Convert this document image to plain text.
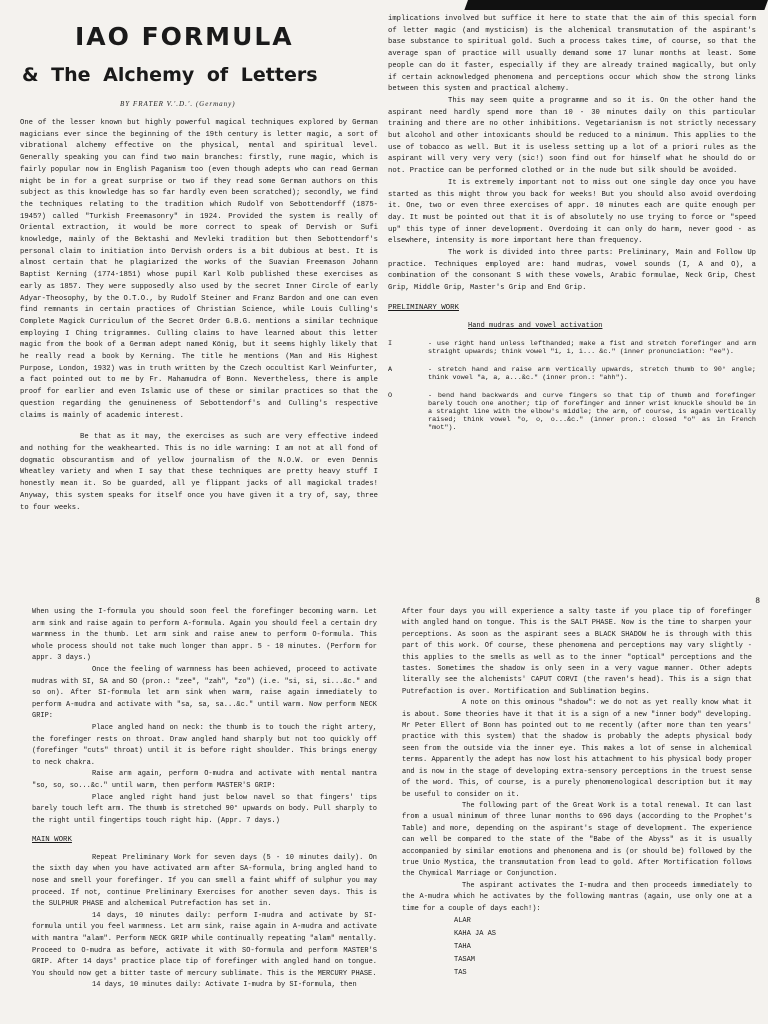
IAO FORMULA
& The Alchemy of Letters
BY FRATER V.'.D.'. (Germany)

One of the lesser known but highly powerful magical techniques explored by German magicians ever since the beginning of the 19th century is letter magic, a sort of vibrational alchemy effective on the physical, mental and spiritual level. Generally speaking you can find two main branches: firstly, rune magic, which is fairly popular now in English Paganism too (even though adepts who can read German might be in for a great surprise or two if they read some German authors on this subject as this knowledge has so far hardly even been scratched); secondly, we find the techniques relating to the tradition which Rudolf von Sebottendorff (1875-1945?) called "Turkish Freemasonry" in 1924. Provided the system is really of Oriental extraction, it would be more correct to speak of Dervish or Sufi knowledge, mainly of the Bektashi and Mevleki tradition but then Sebottendorf's personal claim to initiation into Dervish orders is a bit dubious at best. It is almost certain that he plagiarized the works of the Suavian Freemason Johann Baptist Kerning (1774-1851) whose pupil Karl Kolb published these exercises as early as 1857. They were supposedly also used by the secret Inner Circle of early Adyar-Theosophy, by the O.T.O., by Rudolf Steiner and Franz Bardon and one can even find remnants in certain practices of Christian Science, while Louis Culling's Complete Magick Curriculum of the Secret Order G.B.G. mentions a similar technique employing I Ching trigrammes. Culling claims to have learned about this letter magic from the book of a German adept named König, but it seems highly likely that he really read a book by Kerning. The title he mentions (Man and His Highest Purpose, London, 1932) was in truth written by the Czech occultist Karl Weinfurter, a fact pointed out to me by Fr. Mahamudra of Bonn. Nevertheless, there is ample proof for earlier and even Islamic use of these or similar practices so that the question regarding the genuineness of Sebottendorf's and Culling's respective claims is mainly of academic interest.

Be that as it may, the exercises as such are very effective indeed and nothing for the weakhearted. This is no idle warning: I am not at all fond of dogmatic obscurantism and of yellow journalism of the N.O.W. or even Dennis Wheatley variety and when I say that these techniques are pretty heavy stuff I honestly mean it. So be guarded, all ye flippant jacks of all magickal trades! Anyway, this system speaks for itself once you have given it a try of, say, three to four weeks.

implications involved but suffice it here to state that the aim of this special form of letter magic (and mysticism) is the alchemical transmutation of the aspirant's base substance to spiritual gold. Such a process takes time, of course, so that the average span of practice will usually demand some 17 lunar months at least. Some people can do it faster, especially if they are already trained magically, but only if certain acknowledged phenomena and perceptions occur which show the strong links between this system and practical alchemy.

This may seem quite a programme and so it is. On the other hand the aspirant need hardly spend more than 10 - 30 minutes daily on this particular training and there are no other inhibitions. Vegetarianism is not strictly necessary but alcohol and other intoxicants should be reduced to a minimum. This applies to the use of tobacco as well. But it is useless setting up a lot of a priori rules as the aspirant will very very very (sic!) soon find out for himself what he should do or not. Practice can be performed clothed or in the nude but silk should be avoided.

It is extremely important not to miss out one single day once you have started as this might throw you back for weeks! But you should also avoid overdoing it. One, two or even three exercises of appr. 10 minutes each are quite enough per day. It must be pointed out that it is of absolutely no use trying to force or "speed up" this type of inner development. Overdoing it can only do harm, never good - as elsewhere, intensity is more important here than frequency.

The work is divided into three parts: Preliminary, Main and Follow Up practice. Techniques employed are: hand mudras, vowel sounds (I, A and O), a combination of the consonant S with these vowels, Arabic formulae, Neck Grip, Chest Grip, Middle Grip, Master's Grip and End Grip.

PRELIMINARY WORK
Hand mudras and vowel activation
I	- use right hand unless lefthanded; make a fist and stretch forefinger and arm straight upwards; think vowel "i, i, i... &c." (inner pronunciation: "ee").
A	- stretch hand and raise arm vertically upwards, stretch thumb to 90° angle; think vowel "a, a, a...&c." (inner pron.: "ahh").
O	- bend hand backwards and curve fingers so that tip of thumb and forefinger barely touch one another; tip of forefinger and inner wrist knuckle should be in a straight line with the elbow's middle; the arm, of course, is again vertically raised; think vowel "o, o, o...&c." (inner pron.: closed "o" as in French "mot").
8

When using the I-formula you should soon feel the forefinger becoming warm. Let arm sink and raise again to perform A-formula. Again you should feel a certain dry warmness in the thumb. Let arm sink and raise anew to perform O-formula. This whole process should not take much longer than appr. 5 - 10 minutes. (Perform for appr. 3 days.)

Once the feeling of warmness has been achieved, proceed to activate mudras with SI, SA and SO (pron.: "zee", "zah", "zo") (i.e. "si, si, si...&c." and so on). After SI-formula let arm sink when warm, raise again immediately to perform A-mudra and activate with "sa, sa, sa...&c." until warm. Now perform NECK GRIP:

Place angled hand on neck: the thumb is to touch the right artery, the forefinger rests on throat. Draw angled hand sharply but not too quickly off (forefinger "cuts" throat) until it is before right shoulder. This brings energy to neck chakra.

Raise arm again, perform O-mudra and activate with mental mantra "so, so, so...&c." until warm, then perform MASTER'S GRIP:

Place angled right hand just below navel so that fingers' tips barely touch left arm. The thumb is stretched 90° upwards on body. Pull sharply to the right until fingertips touch right hip. (Appr. 7 days.)

MAIN WORK

Repeat Preliminary Work for seven days (5 - 10 minutes daily). On the sixth day when you have activated arm after SA-formula, bring angled hand to nose and smell your forefinger. If you can smell a faint whiff of sulphur you may proceed. If not, continue Preliminary Exercises for another seven days. This is the SULPHUR PHASE and alchemical Putrefaction has set in.

14 days, 10 minutes daily: perform I-mudra and activate by SI-formula until you feel warmness. Let arm sink, raise again in A-mudra and activate with mantra "alam". Perform NECK GRIP while continually repeating "alam" mentally. Proceed to O-mudra as before, activate it with SO-formula and perform MASTER'S GRIP. After 14 days' practice place tip of forefinger with angled hand on tongue. You should now get a bitter taste of mercury sublimate. This is the MERCURY PHASE.

14 days, 10 minutes daily: Activate I-mudra by SI-formula, then

After four days you will experience a salty taste if you place tip of forefinger with angled hand on tongue. This is the SALT PHASE. Now is the time to sharpen your perceptions. As soon as the aspirant sees a BLACK SHADOW he is through with this part of this work. Of course, these phenomena and perceptions may vary slightly - this applies to the smells as well as to the inner "optical" perceptions and the tastes. Sometimes the shadow is only seen in a very vague manner. Other adepts literally see the alchemists' CAPUT CORVI (the raven's head). This is a sign that Putrefaction is over. Mortification and Sublimation begins.

A note on this ominous "shadow": we do not as yet really know what it is about. Some theories have it that it is a sign of a new "inner body" developing. Mr Peter Ellert of Bonn has pointed out to me recently (after more than ten years' practice with this system) that the shadow is probably the adepts physical body seen from the outside via the inner eye. This makes a lot of sense in alchemical terms. Apparently the adept has now lost his attachment to his physical body proper and is now in the stage of developing extra-sensory perceptions in the truest sense of the word. This, of course, is a purely phenomenological description but it may be useful to consider on it.

The following part of the Great Work is a total renewal. It can last from a usual minimum of three lunar months to 696 days (according to the Prophet's Table) and more, depending on the aspirant's stage of development. The experience can well be compared to the state of the "Babe of the Abyss" as it is usually accompanied by similar emotions and phenomena and is (or should be) followed by the true Unio Mystica, the transmutation from lead to gold. After Mortification follows the Chymical Marriage or Conjunction.

The aspirant activates the I-mudra and then proceeds immediately to the A-mudra which he activates by the following mantras (again, use only one at a time for a couple of days each!):

ALAR
KAHA JA AS
TAHA
TASAM
TAS
